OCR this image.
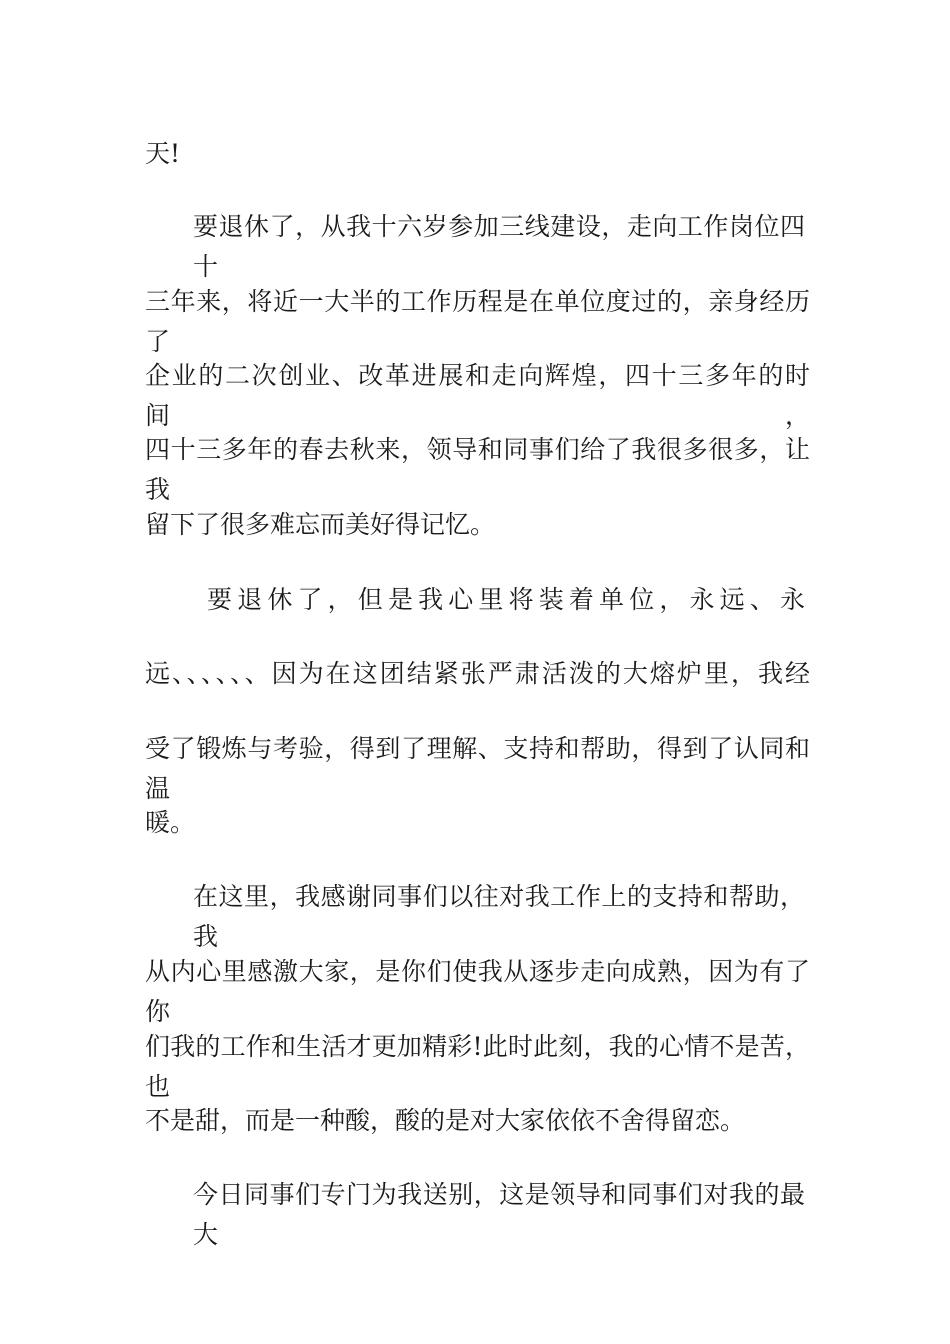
天!
要退休了，从我十六岁参加三线建设，走向工作岗位四十
三年来，将近一大半的工作历程是在单位度过的，亲身经历了
企业的二次创业、改革进展和走向辉煌，四十三多年的时间，
四十三多年的春去秋来，领导和同事们给了我很多很多，让我
留下了很多难忘而美好得记忆。
要退休了，但是我心里将装着单位，永远、永
远、、、、、、因为在这团结紧张严肃活泼的大熔炉里，我经
受了锻炼与考验，得到了理解、支持和帮助，得到了认同和温
暖。
在这里，我感谢同事们以往对我工作上的支持和帮助，我
从内心里感激大家，是你们使我从逐步走向成熟，因为有了你
们我的工作和生活才更加精彩!此时此刻，我的心情不是苦，也
不是甜，而是一种酸，酸的是对大家依依不舍得留恋。
今日同事们专门为我送别，这是领导和同事们对我的最大
